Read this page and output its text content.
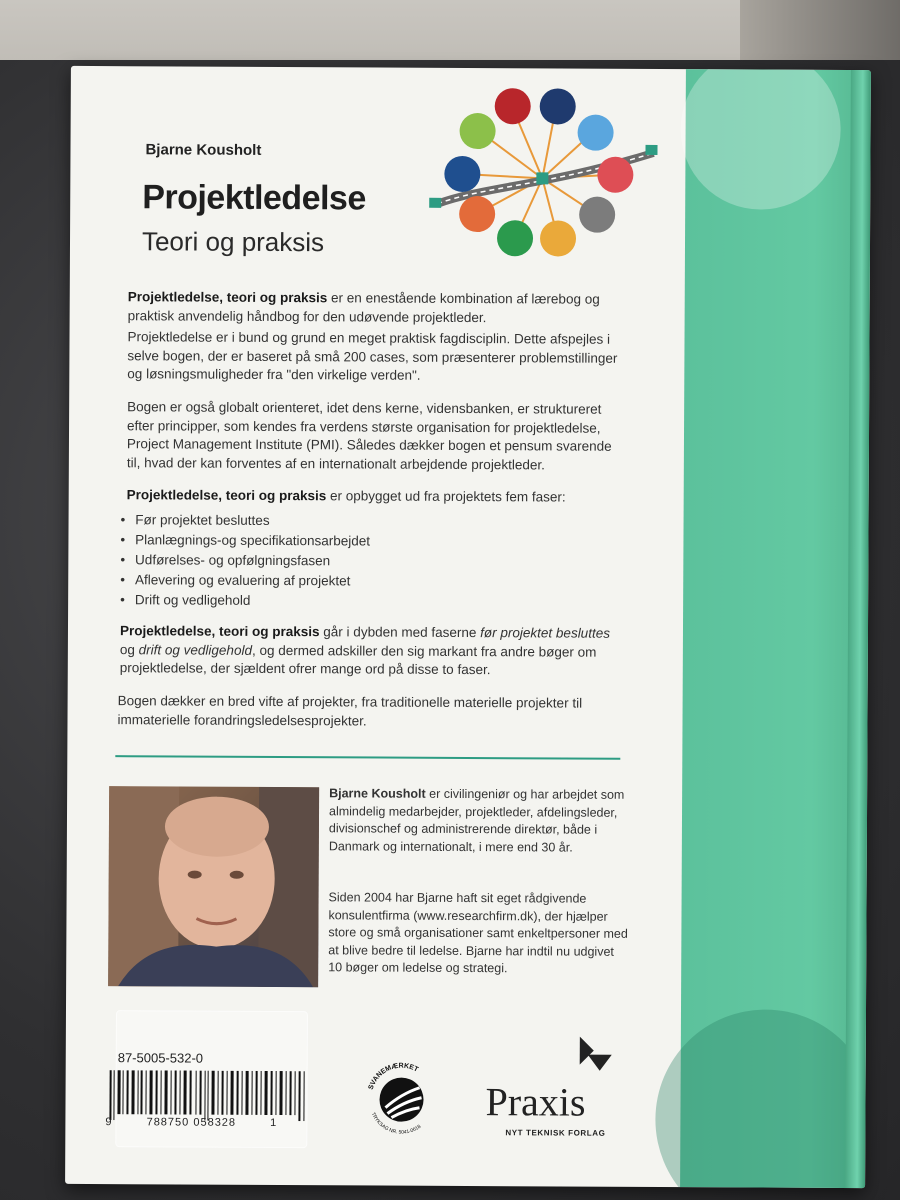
Bjarne Kousholt
Projektledelse
Teori og praksis
Projektledelse, teori og praksis er en enestående kombination af lærebog og praktisk anvendelig håndbog for den udøvende projektleder.
Projektledelse er i bund og grund en meget praktisk fagdisciplin. Dette afspejles i selve bogen, der er baseret på små 200 cases, som præsenterer problemstillinger og løsningsmuligheder fra "den virkelige verden".
Bogen er også globalt orienteret, idet dens kerne, vidensbanken, er struktureret efter principper, som kendes fra verdens største organisation for projektledelse, Project Management Institute (PMI). Således dækker bogen et pensum svarende til, hvad der kan forventes af en internationalt arbejdende projektleder.
Projektledelse, teori og praksis er opbygget ud fra projektets fem faser:
• Før projektet besluttes
• Planlægnings-og specifikationsarbejdet
• Udførelses- og opfølgningsfasen
• Aflevering og evaluering af projektet
• Drift og vedligehold
Projektledelse, teori og praksis går i dybden med faserne før projektet besluttes og drift og vedligehold, og dermed adskiller den sig markant fra andre bøger om projektledelse, der sjældent ofrer mange ord på disse to faser.
Bogen dækker en bred vifte af projekter, fra traditionelle materielle projekter til immaterielle forandringsledelsesprojekter.
Bjarne Kousholt er civilingeniør og har arbejdet som almindelig medarbejder, projektleder, afdelingsleder, divisionschef og administrerende direktør, både i Danmark og internationalt, i mere end 30 år.
Siden 2004 har Bjarne haft sit eget rådgivende konsulentfirma (www.researchfirm.dk), der hjælper store og små organisationer samt enkeltpersoner med at blive bedre til ledelse. Bjarne har indtil nu udgivet 10 bøger om ledelse og strategi.
87-5005-532-0
9	788750 058328	1
SVANEMÆRKET
TRYKSAG NR. 5041-0618
Praxis
NYT TEKNISK FORLAG
